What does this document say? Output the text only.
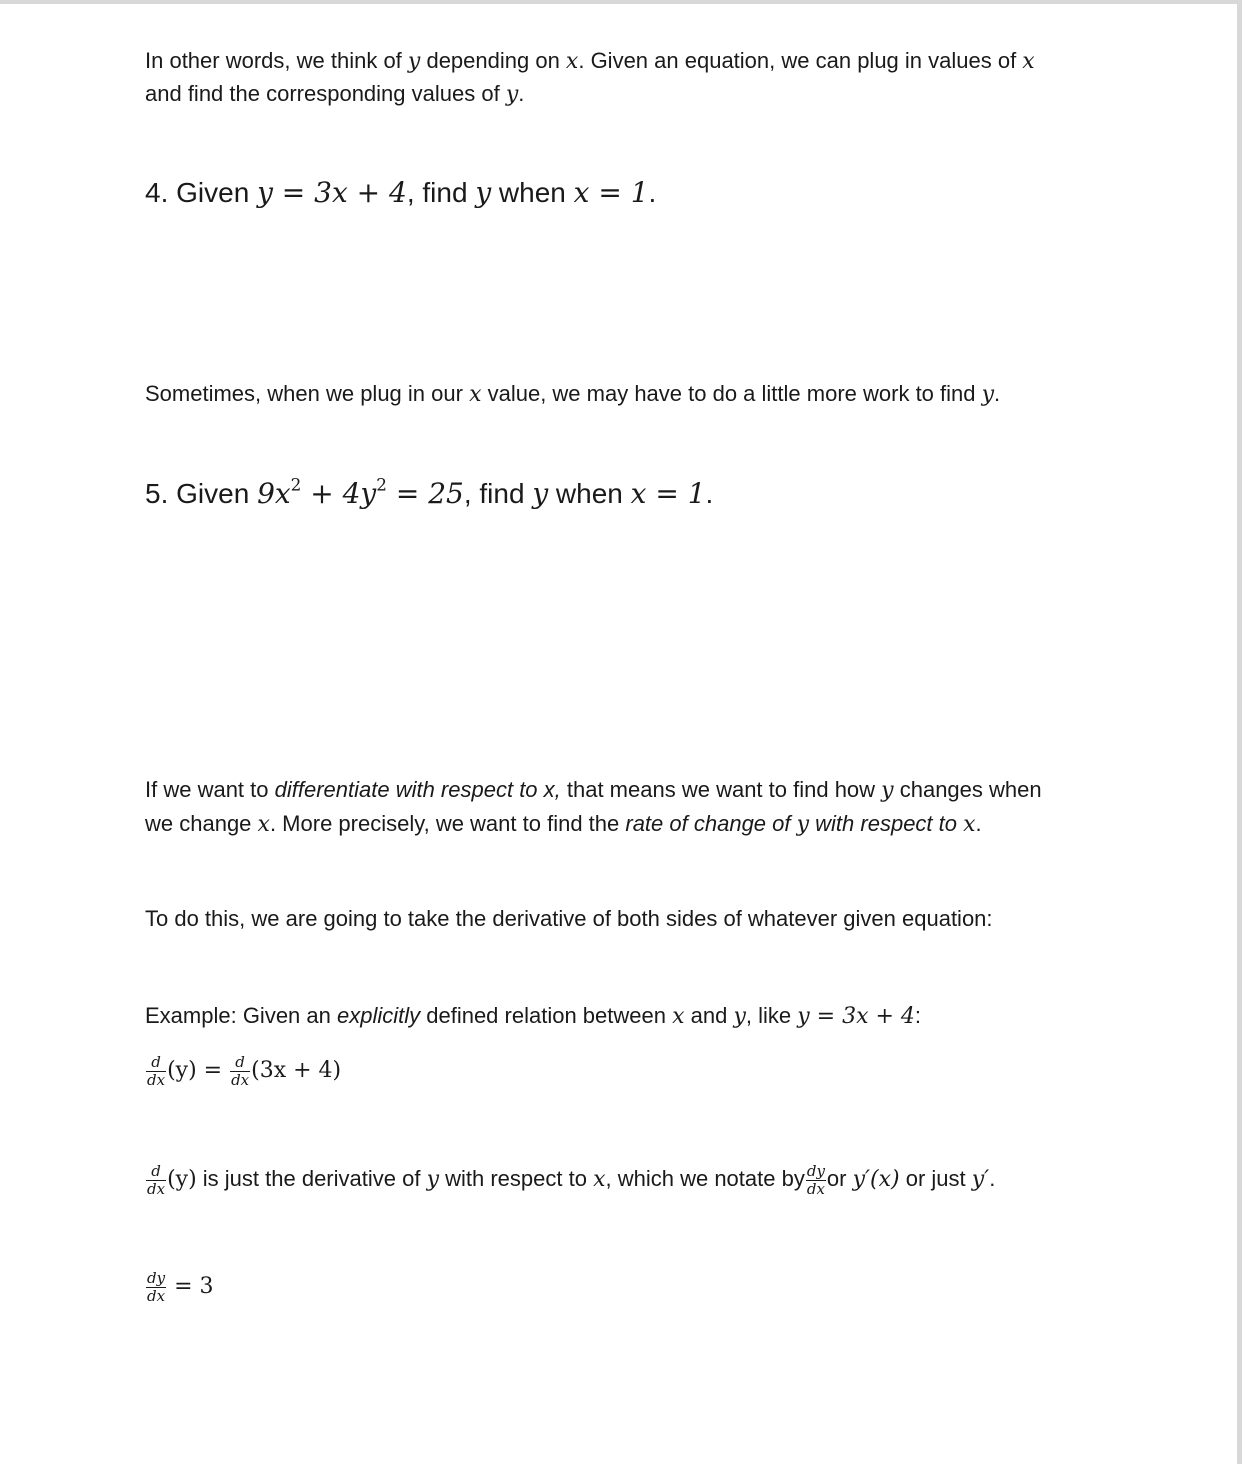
In other words, we think of y depending on x. Given an equation, we can plug in values of x
and find the corresponding values of y.
4. Given y = 3x + 4, find y when x = 1.
Sometimes, when we plug in our x value, we may have to do a little more work to find y.
5. Given $9x^2 + 4y^2 = 25$, find y when x = 1.
If we want to differentiate with respect to x, that means we want to find how y changes when
we change x. More precisely, we want to find the rate of change of y with respect to x.
To do this, we are going to take the derivative of both sides of whatever given equation:
Example: Given an explicitly defined relation between x and y, like y = 3x + 4:
$\frac{d}{dx} (y) = \frac{d}{dx} (3x + 4)$
$\frac{d}{dx} (y)$ is just the derivative of y with respect to x, which we notate by $\frac{dy}{dx}$ or y′(x) or just y′.
$\frac{dy}{dx} = 3$
